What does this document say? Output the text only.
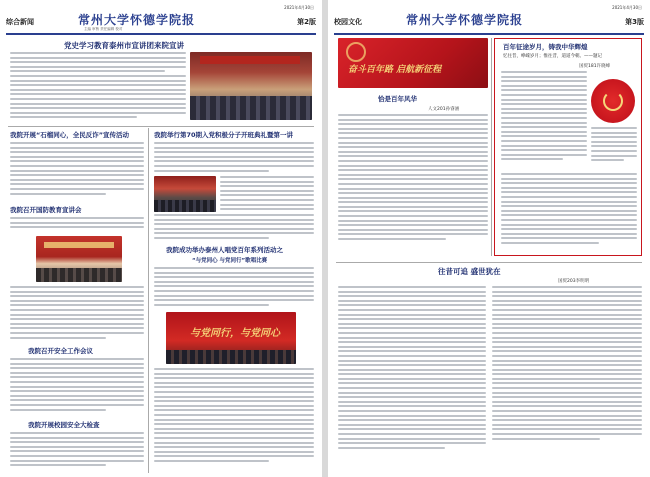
2021年4月30日
综合新闻	常州大学怀德学院报
主编 审核 责任编辑 校对
第2版
党史学习教育泰州市宣讲团来院宣讲
我院开展“石榴同心，全民反诈”宣传活动	我院举行第70期入党积极分子开班典礼暨第一讲
我院召开国防教育宣讲会
我院成功举办泰州人唱党百年系列活动之
“与党同心 与党同行”歌唱比赛
与党同行，与党同心
我院召开安全工作会议
我院开展校园安全大检查
2021年4月30日
校园文化	常州大学怀德学院报	第3版
奋斗百年路 启航新征程
恰是百年风华
人文201孙睿涵
百年征途岁月，铸我中华辉煌
忆往昔，峥嵘岁月；惟往昔，道道今朝。——题记
国贸181许晓峰
往昔可追 盛世犹在
国贸203李明明
